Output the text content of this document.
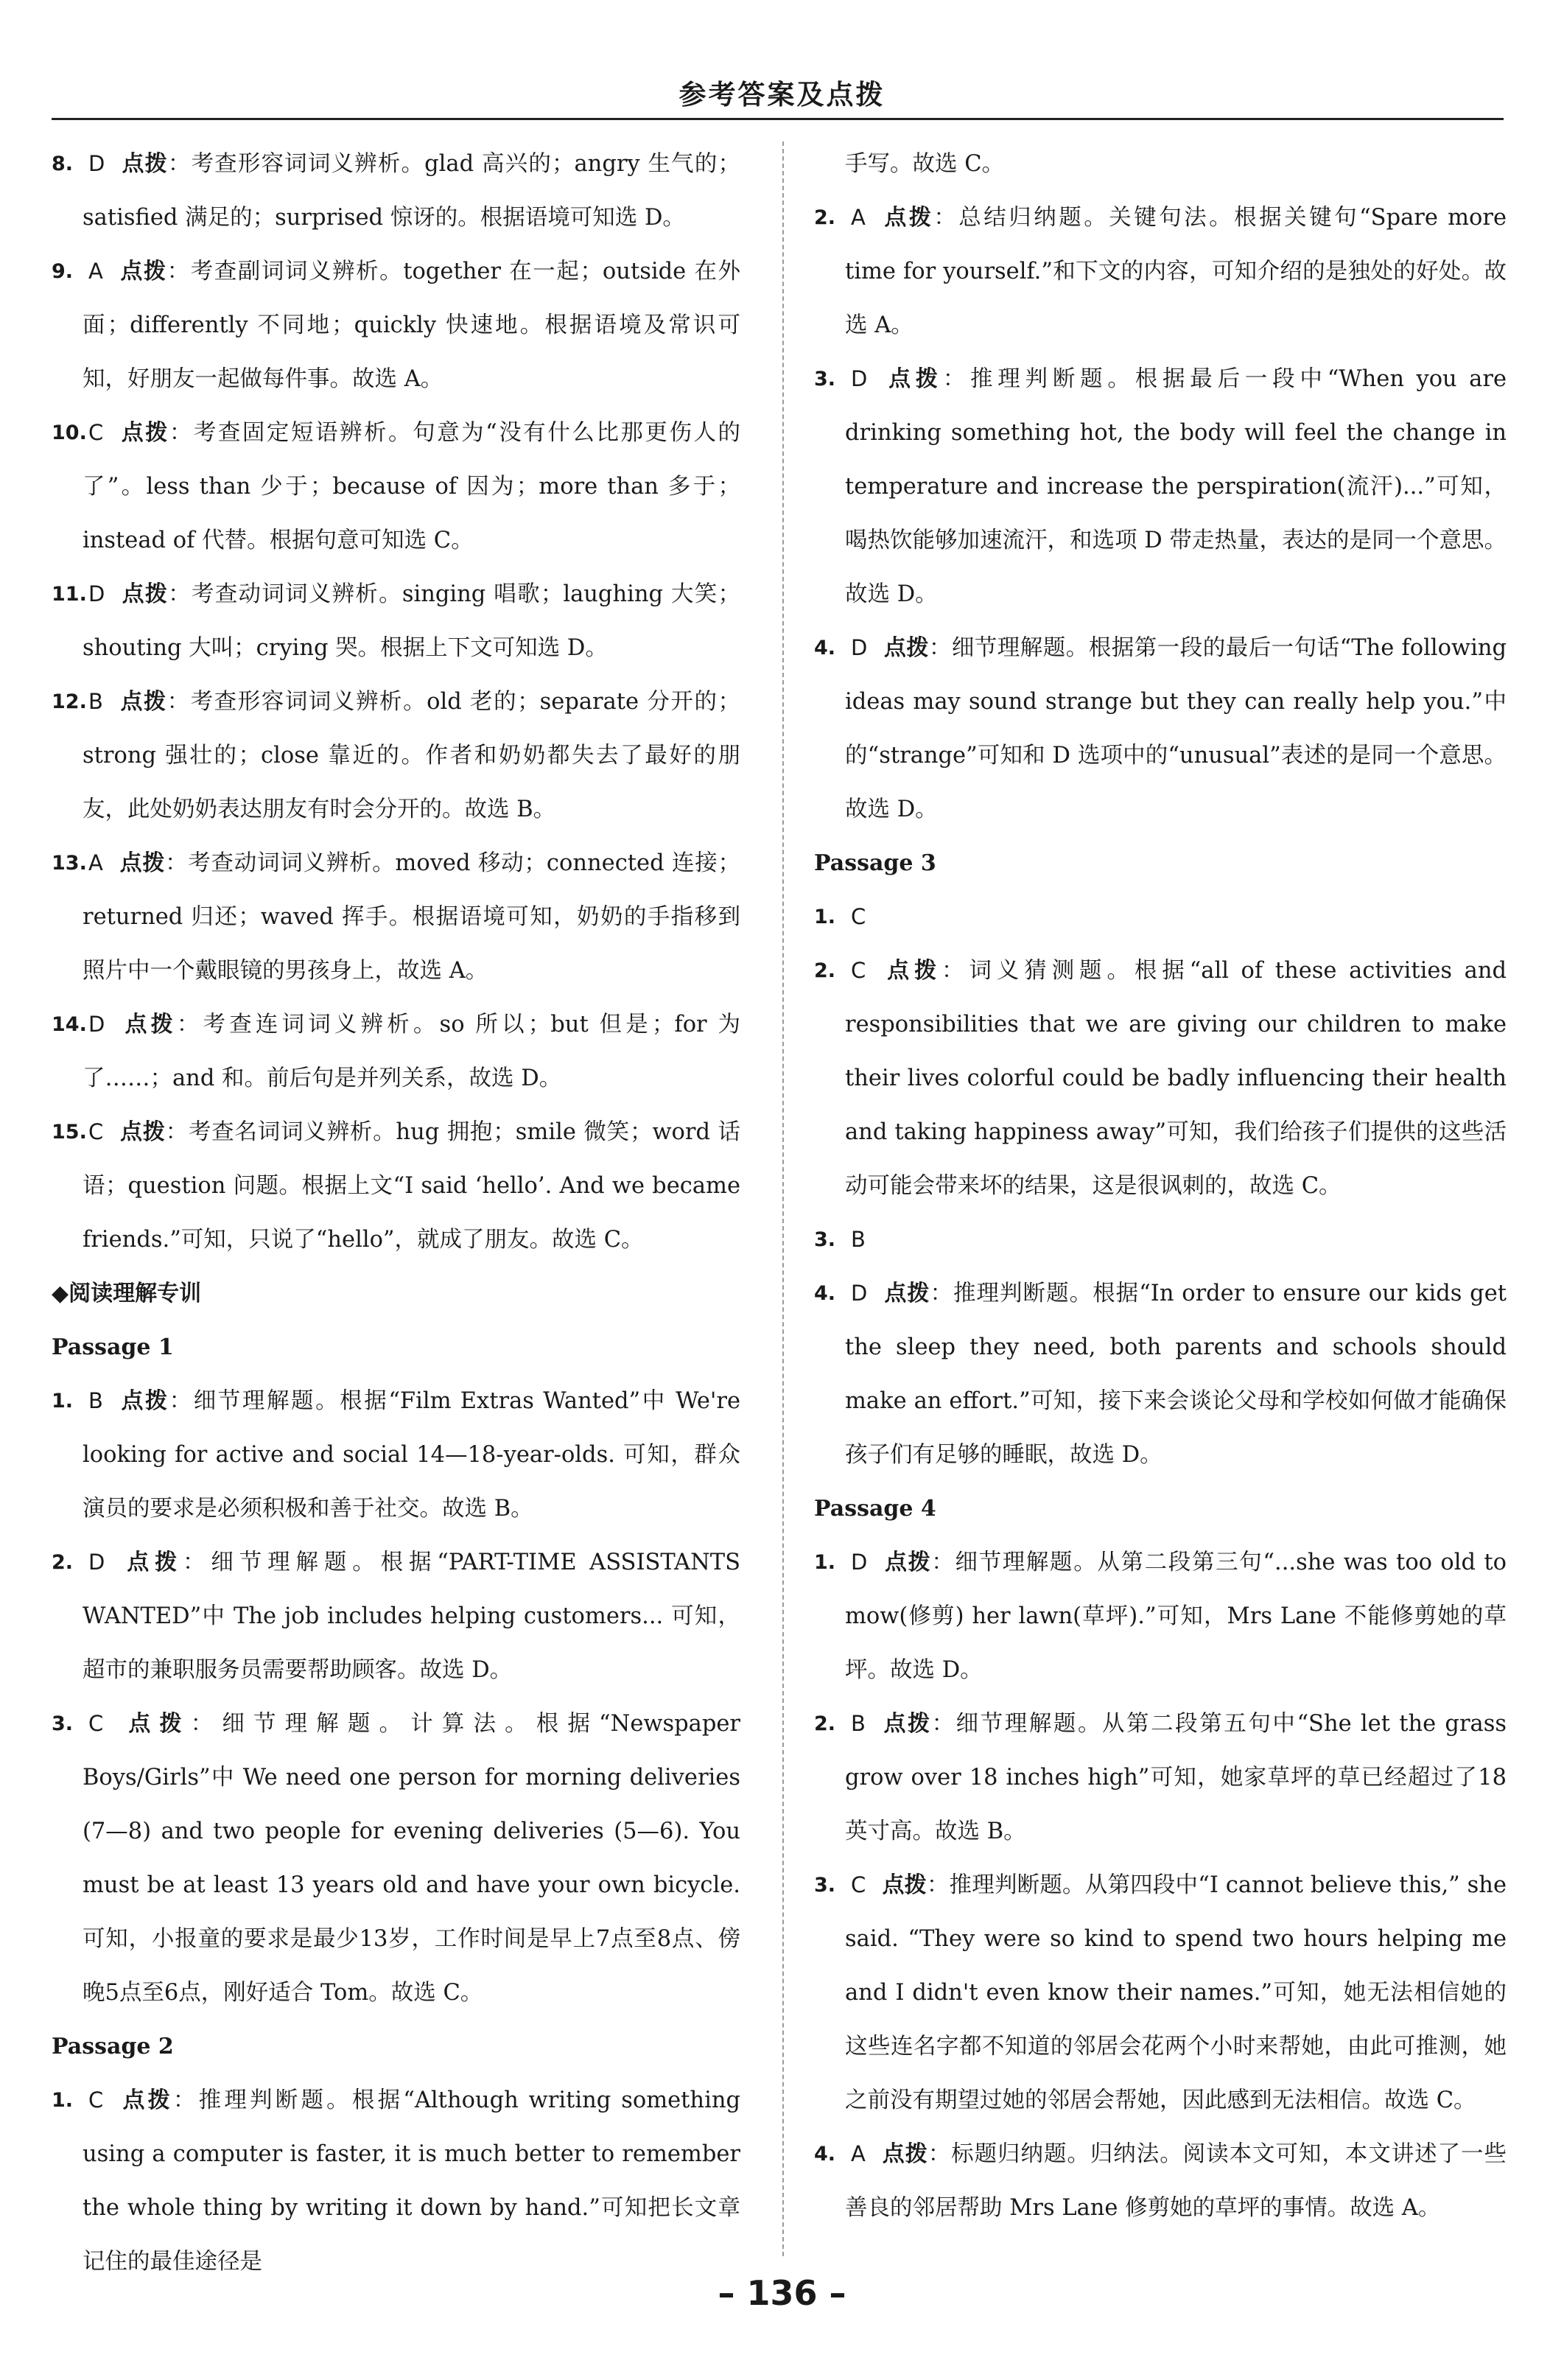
参考答案及点拨
8. D 点拨：考查形容词词义辨析。glad 高兴的；angry 生气的；satisfied 满足的；surprised 惊讶的。根据语境可知选 D。
9. A 点拨：考查副词词义辨析。together 在一起；outside 在外面；differently 不同地；quickly 快速地。根据语境及常识可知，好朋友一起做每件事。故选 A。
10. C 点拨：考查固定短语辨析。句意为“没有什么比那更伤人的了”。less than 少于；because of 因为；more than 多于；instead of 代替。根据句意可知选 C。
11. D 点拨：考查动词词义辨析。singing 唱歌；laughing 大笑；shouting 大叫；crying 哭。根据上下文可知选 D。
12. B 点拨：考查形容词词义辨析。old 老的；separate 分开的；strong 强壮的；close 靠近的。作者和奶奶都失去了最好的朋友，此处奶奶表达朋友有时会分开的。故选 B。
13. A 点拨：考查动词词义辨析。moved 移动；connected 连接；returned 归还；waved 挥手。根据语境可知，奶奶的手指移到照片中一个戴眼镜的男孩身上，故选 A。
14. D 点拨：考查连词词义辨析。so 所以；but 但是；for 为了……；and 和。前后句是并列关系，故选 D。
15. C 点拨：考查名词词义辨析。hug 拥抱；smile 微笑；word 话语；question 问题。根据上文“I said ‘hello’. And we became friends.”可知，只说了“hello”，就成了朋友。故选 C。
◆阅读理解专训
Passage 1
1. B 点拨：细节理解题。根据“Film Extras Wanted”中 We're looking for active and social 14—18-year-olds. 可知，群众演员的要求是必须积极和善于社交。故选 B。
2. D 点拨：细节理解题。根据“PART-TIME ASSISTANTS WANTED”中 The job includes helping customers... 可知，超市的兼职服务员需要帮助顾客。故选 D。
3. C 点拨：细节理解题。计算法。根据“Newspaper Boys/Girls”中 We need one person for morning deliveries (7—8) and two people for evening deliveries (5—6). You must be at least 13 years old and have your own bicycle. 可知，小报童的要求是最少13岁，工作时间是早上7点至8点、傍晚5点至6点，刚好适合 Tom。故选 C。
Passage 2
1. C 点拨：推理判断题。根据“Although writing something using a computer is faster, it is much better to remember the whole thing by writing it down by hand.”可知把长文章记住的最佳途径是
手写。故选 C。
2. A 点拨：总结归纳题。关键句法。根据关键句“Spare more time for yourself.”和下文的内容，可知介绍的是独处的好处。故选 A。
3. D 点拨：推理判断题。根据最后一段中“When you are drinking something hot, the body will feel the change in temperature and increase the perspiration(流汗)...”可知，喝热饮能够加速流汗，和选项 D 带走热量，表达的是同一个意思。故选 D。
4. D 点拨：细节理解题。根据第一段的最后一句话“The following ideas may sound strange but they can really help you.”中的“strange”可知和 D 选项中的“unusual”表述的是同一个意思。故选 D。
Passage 3
1. C
2. C 点拨：词义猜测题。根据“all of these activities and responsibilities that we are giving our children to make their lives colorful could be badly influencing their health and taking happiness away”可知，我们给孩子们提供的这些活动可能会带来坏的结果，这是很讽刺的，故选 C。
3. B
4. D 点拨：推理判断题。根据“In order to ensure our kids get the sleep they need, both parents and schools should make an effort.”可知，接下来会谈论父母和学校如何做才能确保孩子们有足够的睡眠，故选 D。
Passage 4
1. D 点拨：细节理解题。从第二段第三句“...she was too old to mow(修剪) her lawn(草坪).”可知，Mrs Lane 不能修剪她的草坪。故选 D。
2. B 点拨：细节理解题。从第二段第五句中“She let the grass grow over 18 inches high”可知，她家草坪的草已经超过了18英寸高。故选 B。
3. C 点拨：推理判断题。从第四段中“I cannot believe this,” she said. “They were so kind to spend two hours helping me and I didn't even know their names.”可知，她无法相信她的这些连名字都不知道的邻居会花两个小时来帮她，由此可推测，她之前没有期望过她的邻居会帮她，因此感到无法相信。故选 C。
4. A 点拨：标题归纳题。归纳法。阅读本文可知，本文讲述了一些善良的邻居帮助 Mrs Lane 修剪她的草坪的事情。故选 A。
– 136 –
